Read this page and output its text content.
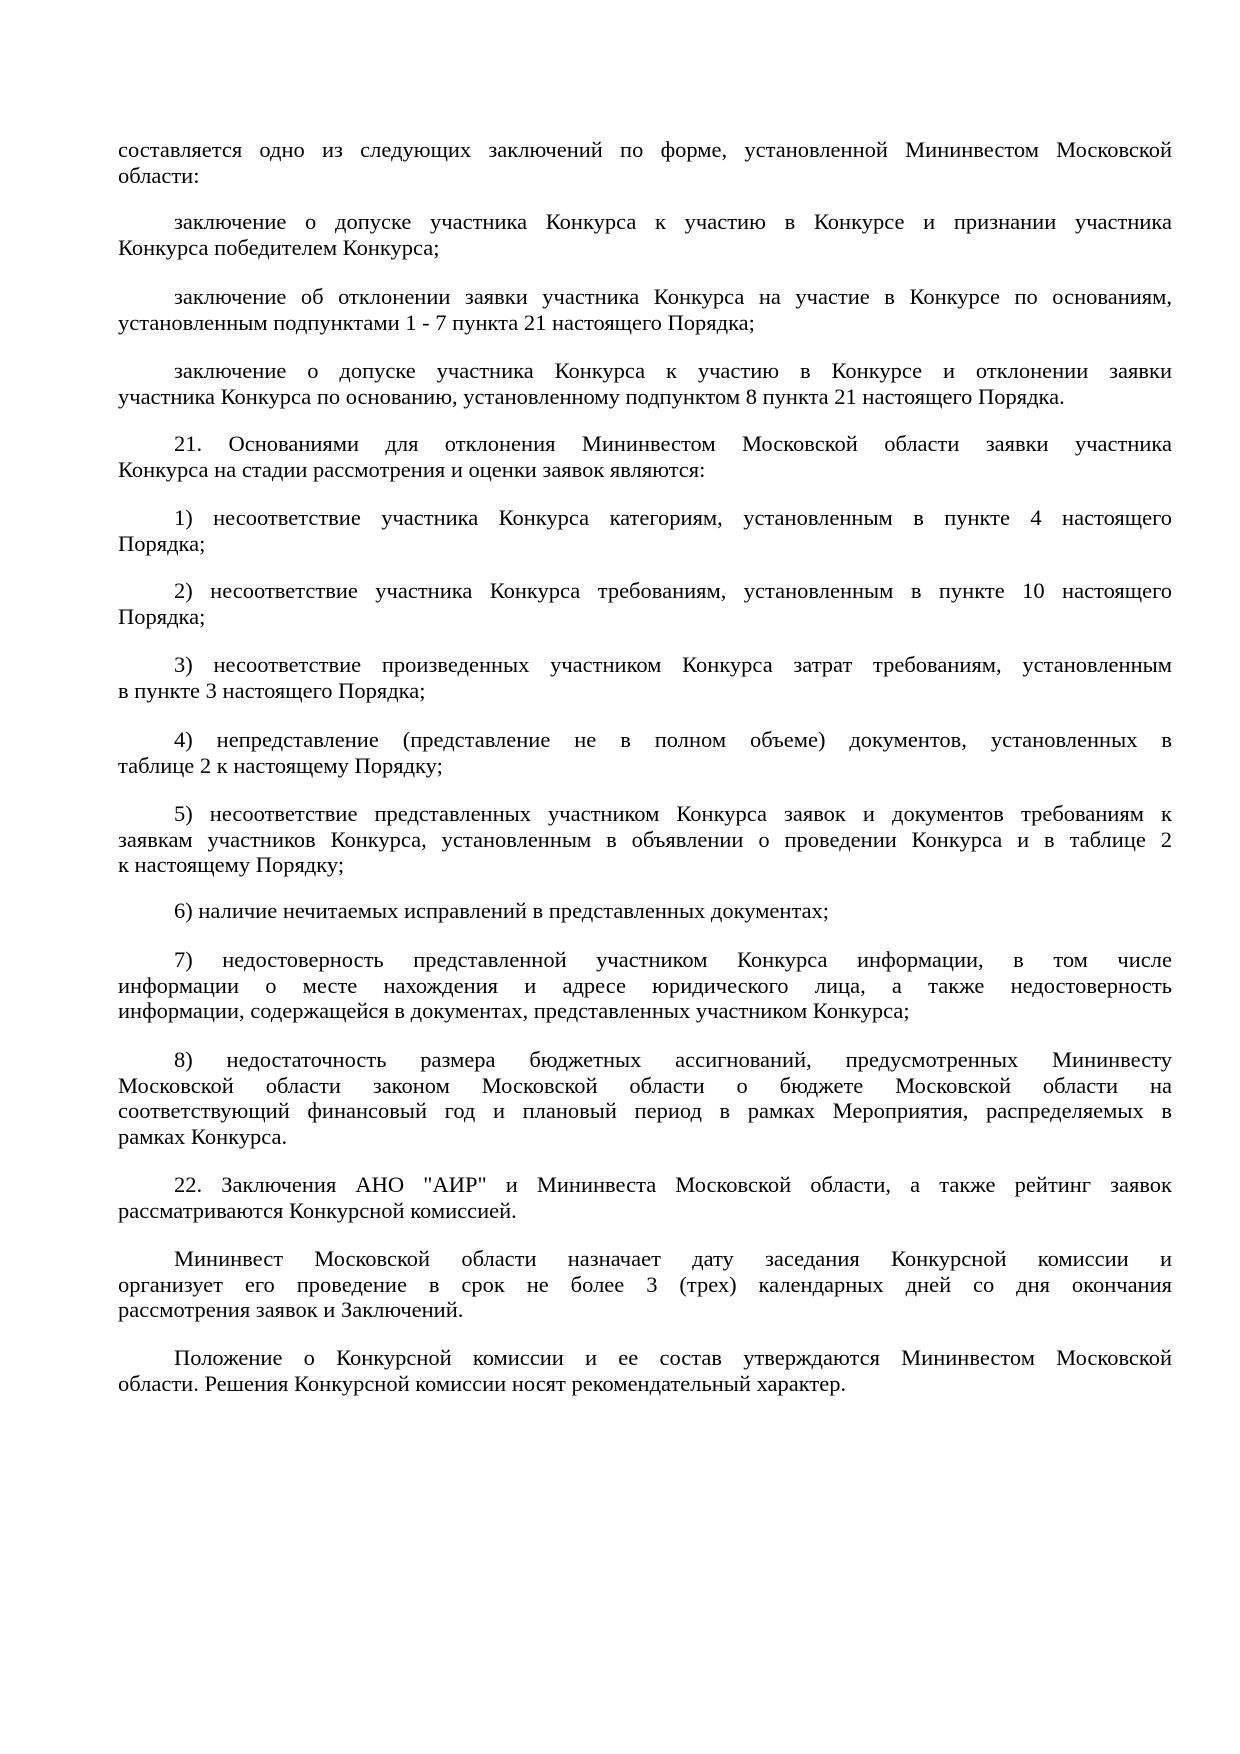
составляется одно из следующих заключений по форме, установленной Мининвестом Московской
области:
заключение о допуске участника Конкурса к участию в Конкурсе и признании участника
Конкурса победителем Конкурса;
заключение об отклонении заявки участника Конкурса на участие в Конкурсе по основаниям,
установленным подпунктами 1 - 7 пункта 21 настоящего Порядка;
заключение о допуске участника Конкурса к участию в Конкурсе и отклонении заявки
участника Конкурса по основанию, установленному подпунктом 8 пункта 21 настоящего Порядка.
21. Основаниями для отклонения Мининвестом Московской области заявки участника
Конкурса на стадии рассмотрения и оценки заявок являются:
1) несоответствие участника Конкурса категориям, установленным в пункте 4 настоящего
Порядка;
2) несоответствие участника Конкурса требованиям, установленным в пункте 10 настоящего
Порядка;
3) несоответствие произведенных участником Конкурса затрат требованиям, установленным
в пункте 3 настоящего Порядка;
4) непредставление (представление не в полном объеме) документов, установленных в
таблице 2 к настоящему Порядку;
5) несоответствие представленных участником Конкурса заявок и документов требованиям к
заявкам участников Конкурса, установленным в объявлении о проведении Конкурса и в таблице 2
к настоящему Порядку;
6) наличие нечитаемых исправлений в представленных документах;
7) недостоверность представленной участником Конкурса информации, в том числе
информации о месте нахождения и адресе юридического лица, а также недостоверность
информации, содержащейся в документах, представленных участником Конкурса;
8) недостаточность размера бюджетных ассигнований, предусмотренных Мининвесту
Московской области законом Московской области о бюджете Московской области на
соответствующий финансовый год и плановый период в рамках Мероприятия, распределяемых в
рамках Конкурса.
22. Заключения АНО "АИР" и Мининвеста Московской области, а также рейтинг заявок
рассматриваются Конкурсной комиссией.
Мининвест Московской области назначает дату заседания Конкурсной комиссии и
организует его проведение в срок не более 3 (трех) календарных дней со дня окончания
рассмотрения заявок и Заключений.
Положение о Конкурсной комиссии и ее состав утверждаются Мининвестом Московской
области. Решения Конкурсной комиссии носят рекомендательный характер.
